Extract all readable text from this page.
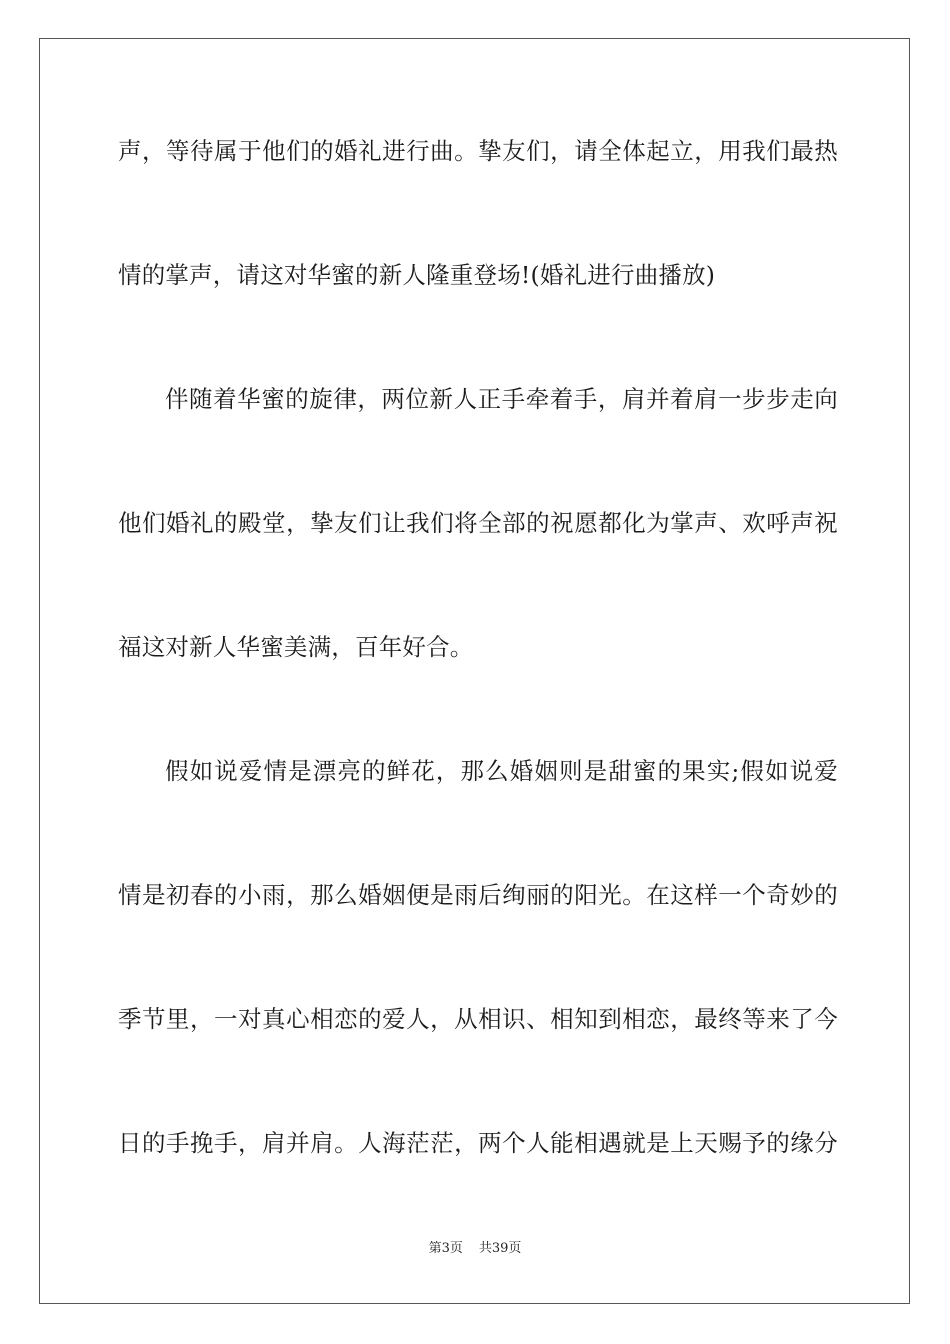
声，等待属于他们的婚礼进行曲。挚友们，请全体起立，用我们最热
情的掌声，请这对华蜜的新人隆重登场!(婚礼进行曲播放)
伴随着华蜜的旋律，两位新人正手牵着手，肩并着肩一步步走向
他们婚礼的殿堂，挚友们让我们将全部的祝愿都化为掌声、欢呼声祝
福这对新人华蜜美满，百年好合。
假如说爱情是漂亮的鲜花，那么婚姻则是甜蜜的果实;假如说爱
情是初春的小雨，那么婚姻便是雨后绚丽的阳光。在这样一个奇妙的
季节里，一对真心相恋的爱人，从相识、相知到相恋，最终等来了今
日的手挽手，肩并肩。人海茫茫，两个人能相遇就是上天赐予的缘分
第3页 共39页
